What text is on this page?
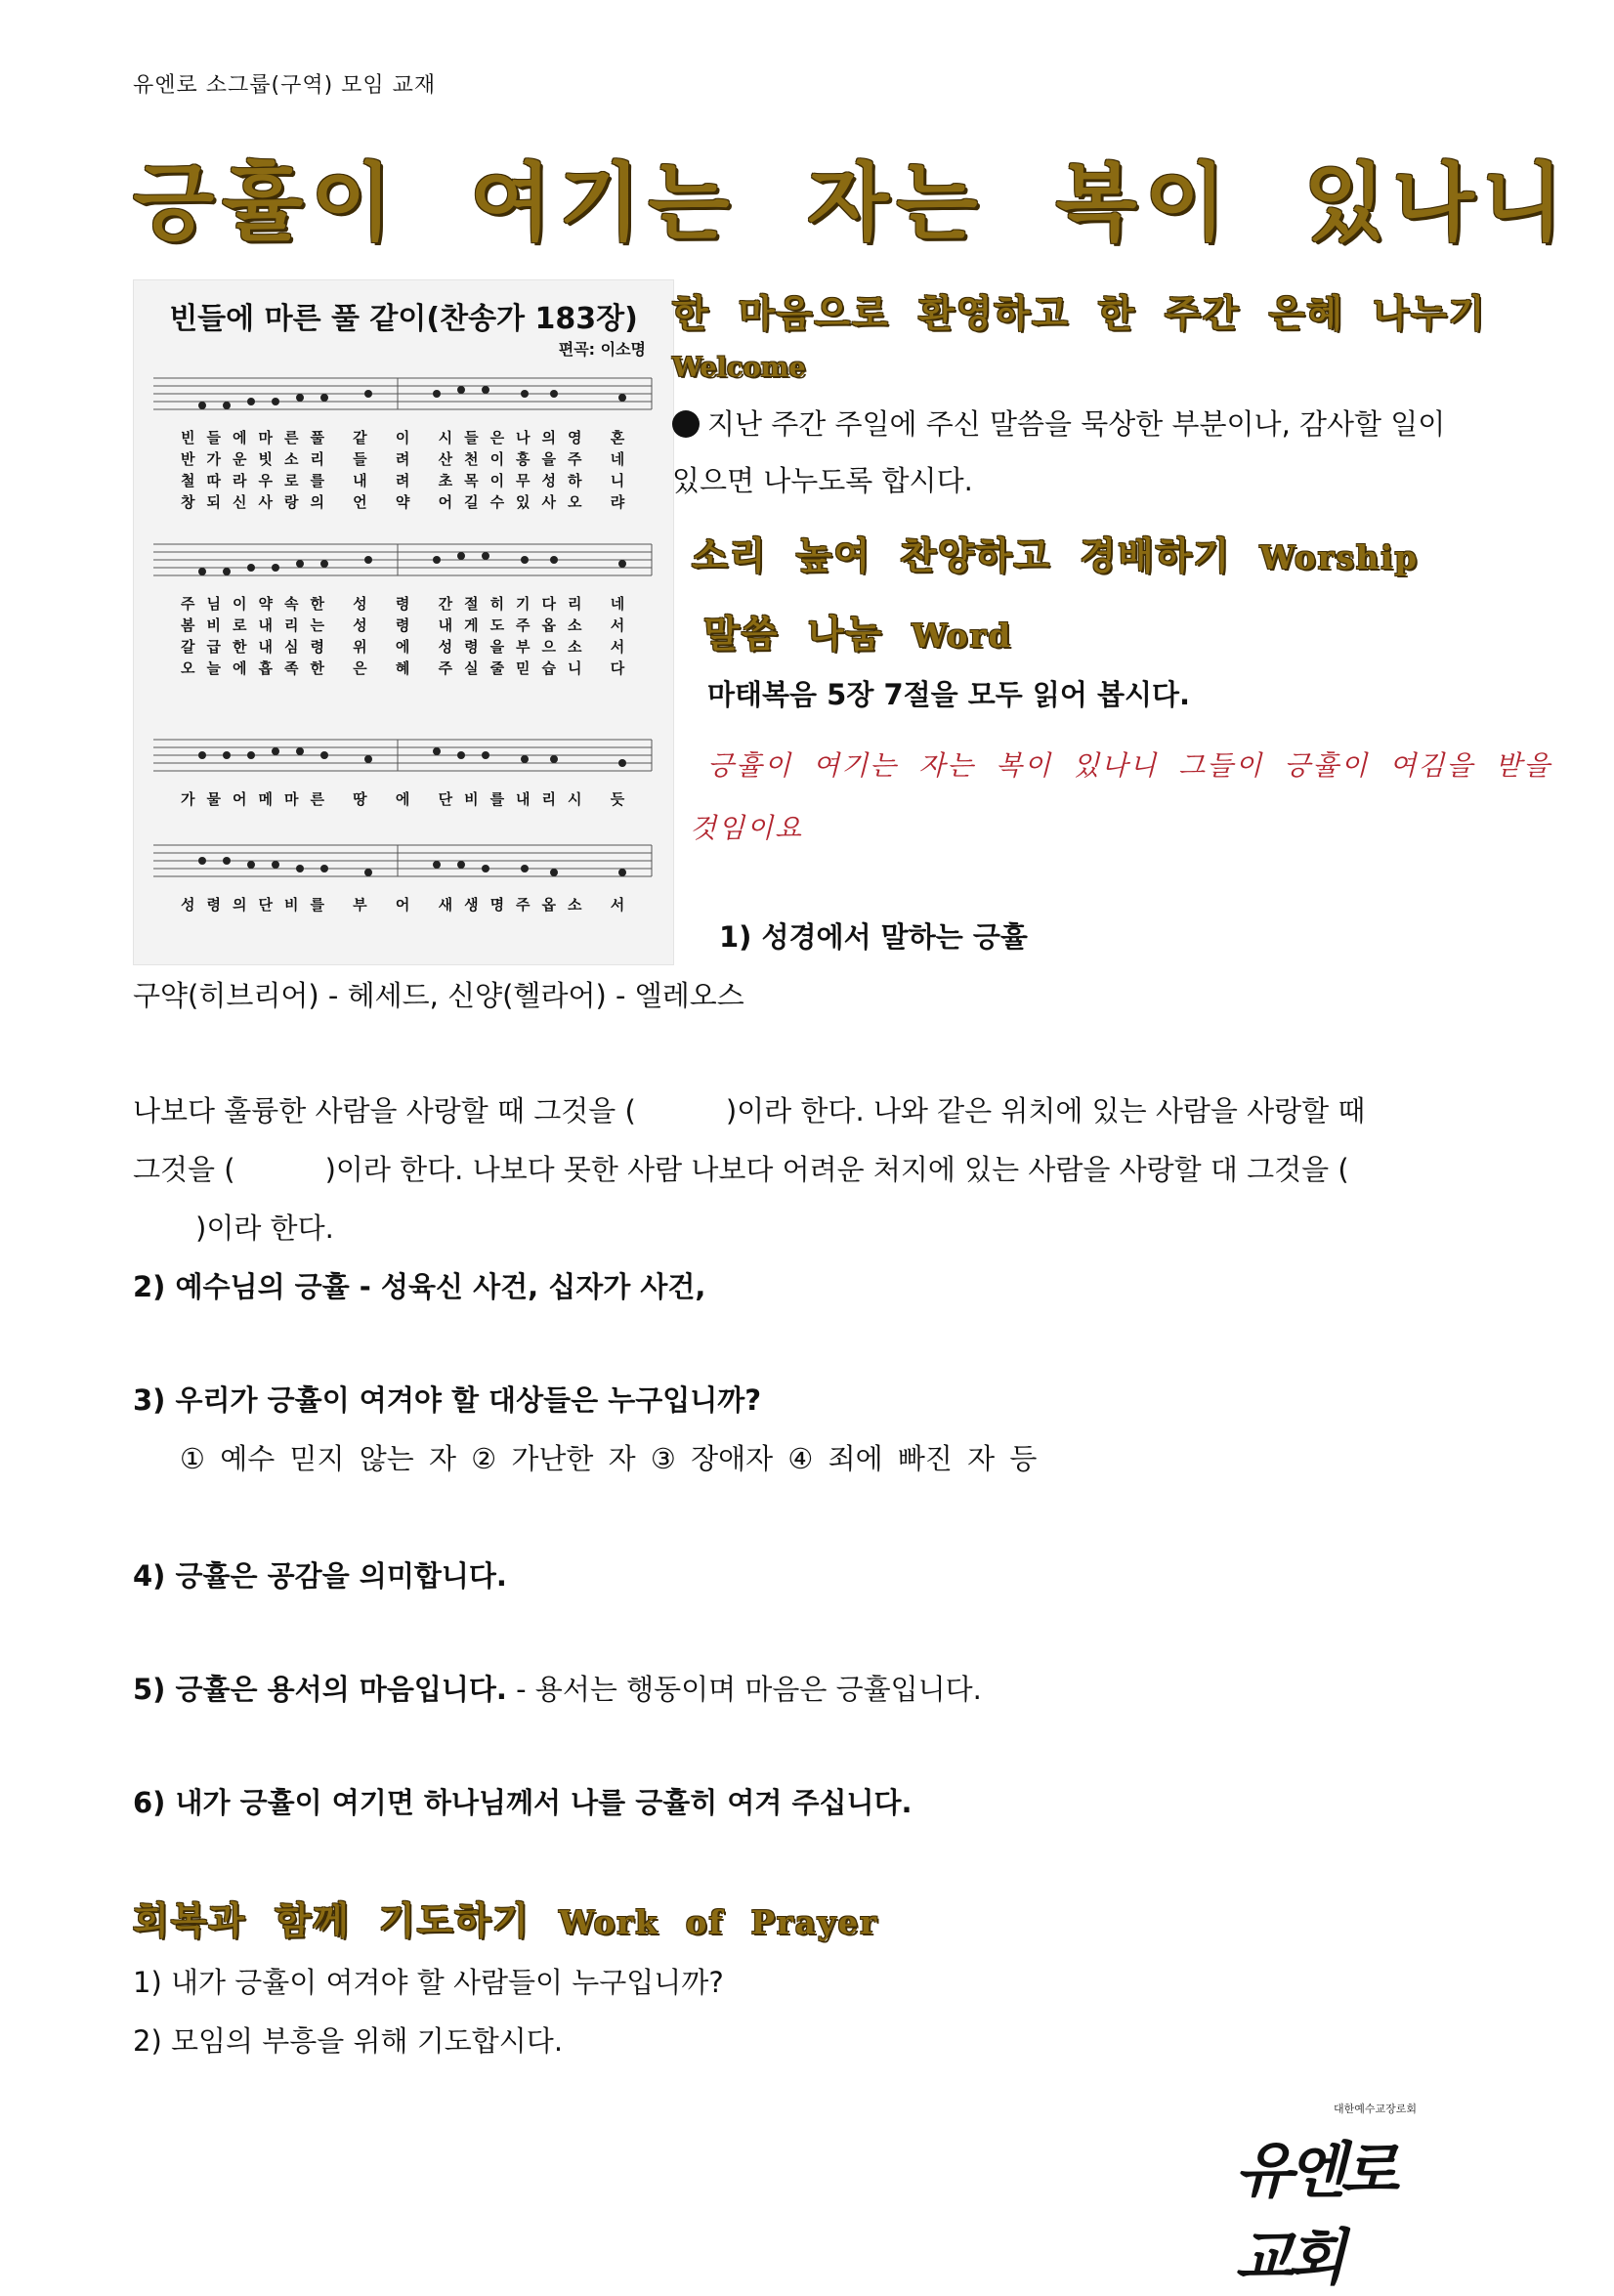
유엔로 소그룹(구역) 모임 교재
긍휼이 여기는 자는 복이 있나니
빈들에 마른 풀 같이(찬송가 183장)
편곡: 이소명
빈들에마른풀 같 이 시들은나의영 혼
반가운빗소리 들 려 산천이흥을주 네
철따라우로를 내 려 초목이무성하 니
창되신사랑의 언 약 어길수있사오 랴
주님이약속한 성 령 간절히기다리 네
봄비로내리는 성 령 내게도주옵소 서
갈급한내심령 위 에 성령을부으소 서
오늘에흡족한 은 혜 주실줄믿습니 다
가물어메마른 땅 에 단비를내리시 듯
성령의단비를 부 어 새생명주옵소 서
한 마음으로 환영하고 한 주간 은혜 나누기
Welcome
지난 주간 주일에 주신 말씀을 묵상한 부분이나, 감사할 일이 있으면 나누도록 합시다.
소리 높여 찬양하고 경배하기 Worship
말씀 나눔 Word
마태복음 5장 7절을 모두 읽어 봅시다.
긍휼이 여기는 자는 복이 있나니 그들이 긍휼이 여김을 받을
것임이요
1) 성경에서 말하는 긍휼
구약(히브리어) - 헤세드, 신양(헬라어) - 엘레오스
나보다 훌륭한 사람을 사랑할 때 그것을 (	)이라 한다. 나와 같은 위치에 있는 사람을 사랑할 때
그것을 (	)이라 한다. 나보다 못한 사람 나보다 어려운 처지에 있는 사람을 사랑할 대 그것을 (
)이라 한다.
2) 예수님의 긍휼 - 성육신 사건, 십자가 사건,
3) 우리가 긍휼이 여겨야 할 대상들은 누구입니까?
① 예수 믿지 않는 자 ② 가난한 자 ③ 장애자 ④ 죄에 빠진 자 등
4) 긍휼은 공감을 의미합니다.
5) 긍휼은 용서의 마음입니다. - 용서는 행동이며 마음은 긍휼입니다.
6) 내가 긍휼이 여기면 하나님께서 나를 긍휼히 여겨 주십니다.
회복과 함께 기도하기 Work of Prayer
1) 내가 긍휼이 여겨야 할 사람들이 누구입니까?
2) 모임의 부흥을 위해 기도합시다.
대한예수교장로회
유엔로교회
